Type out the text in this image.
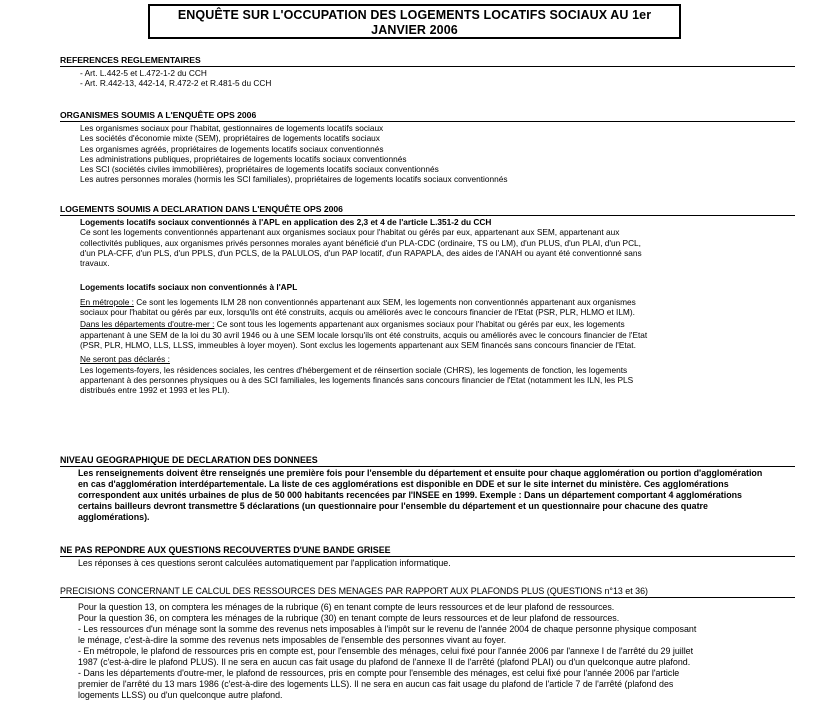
ENQUÊTE SUR L'OCCUPATION DES LOGEMENTS LOCATIFS SOCIAUX AU 1er
JANVIER 2006
REFERENCES REGLEMENTAIRES
- Art. L.442-5 et L.472-1-2 du CCH
- Art. R.442-13, 442-14, R.472-2 et R.481-5 du CCH
ORGANISMES SOUMIS A L'ENQUÊTE OPS 2006
Les organismes sociaux pour l'habitat, gestionnaires de logements locatifs sociaux
Les sociétés d'économie mixte (SEM), propriétaires de logements locatifs sociaux
Les organismes agréés, propriétaires de logements locatifs sociaux conventionnés
Les administrations publiques, propriétaires de logements locatifs sociaux conventionnés
Les SCI (sociétés civiles immobilières), propriétaires de logements locatifs sociaux conventionnés
Les autres personnes morales (hormis les SCI familiales), propriétaires de logements locatifs sociaux conventionnés
LOGEMENTS SOUMIS A DECLARATION DANS L'ENQUÊTE OPS 2006
Logements locatifs sociaux conventionnés à l'APL en application des 2,3 et 4 de l'article L.351-2 du CCH
Ce sont les logements conventionnés appartenant aux organismes sociaux pour l'habitat ou gérés par eux, appartenant aux SEM, appartenant aux
collectivités publiques, aux organismes privés personnes morales ayant bénéficié d'un PLA-CDC (ordinaire, TS ou LM), d'un PLUS, d'un PLAI, d'un PCL,
d'un PLA-CFF, d'un PLS, d'un PPLS, d'un PCLS, de la PALULOS, d'un PAP locatif, d'un RAPAPLA, des aides de l'ANAH ou ayant été conventionné sans
travaux.
Logements locatifs sociaux non conventionnés à l'APL
En métropole : Ce sont les logements ILM 28 non conventionnés appartenant aux SEM, les logements non conventionnés appartenant aux organismes
sociaux pour l'habitat ou gérés par eux, lorsqu'ils ont été construits, acquis ou améliorés avec le concours financier de l'Etat (PSR, PLR, HLMO et ILM).
Dans les départements d'outre-mer : Ce sont tous les logements appartenant aux organismes sociaux pour l'habitat ou gérés par eux, les logements
appartenant à une SEM de la loi du 30 avril 1946 ou à une SEM locale lorsqu'ils ont été construits, acquis ou améliorés avec le concours financier de l'Etat
(PSR, PLR, HLMO, LLS, LLSS, immeubles à loyer moyen). Sont exclus les logements appartenant aux SEM financés sans concours financier de l'Etat.
Ne seront pas déclarés :
Les logements-foyers, les résidences sociales, les centres d'hébergement et de réinsertion sociale (CHRS), les logements de fonction, les logements
appartenant à des personnes physiques ou à des SCI familiales, les logements financés sans concours financier de l'Etat (notamment les ILN, les PLS
distribués entre 1992 et 1993 et les PLI).
NIVEAU GEOGRAPHIQUE DE DECLARATION DES DONNEES
Les renseignements doivent être renseignés une première fois pour l'ensemble du département et ensuite pour chaque agglomération ou portion d'agglomération
en cas d'agglomération interdépartementale. La liste de ces agglomérations est disponible en DDE et sur le site internet du ministère. Ces agglomérations
correspondent aux unités urbaines de plus de 50 000 habitants recencées par l'INSEE en 1999. Exemple : Dans un département comportant 4 agglomérations
certains bailleurs devront transmettre 5 déclarations (un questionnaire pour l'ensemble du département et un questionnaire pour chacune des quatre
agglomérations).
NE PAS REPONDRE AUX QUESTIONS RECOUVERTES D'UNE BANDE GRISEE
Les réponses à ces questions seront calculées automatiquement par l'application informatique.
PRECISIONS CONCERNANT LE CALCUL DES RESSOURCES DES MENAGES PAR RAPPORT AUX PLAFONDS PLUS (QUESTIONS n°13 et 36)
Pour la question 13, on comptera les ménages de la rubrique (6) en tenant compte de leurs ressources et de leur plafond de ressources.
Pour la question 36, on comptera les ménages de la rubrique (30) en tenant compte de leurs ressources et de leur plafond de ressources.
- Les ressources d'un ménage sont la somme des revenus nets imposables à l'impôt sur le revenu de l'année 2004 de chaque personne physique composant
le ménage, c'est-à-dire la somme des revenus nets imposables de l'ensemble des personnes vivant au foyer.
- En métropole, le plafond de ressources pris en compte est, pour l'ensemble des ménages, celui fixé pour l'année 2006 par l'annexe I de l'arrêté du 29 juillet
1987 (c'est-à-dire le plafond PLUS). Il ne sera en aucun cas fait usage du plafond de l'annexe II de l'arrêté (plafond PLAI) ou d'un quelconque autre plafond.
- Dans les départements d'outre-mer, le plafond de ressources, pris en compte pour l'ensemble des ménages, est celui fixé pour l'année 2006 par l'article
premier de l'arrêté du 13 mars 1986 (c'est-à-dire des logements LLS). Il ne sera en aucun cas fait usage du plafond de l'article 7 de l'arrêté (plafond des
logements LLSS) ou d'un quelconque autre plafond.
